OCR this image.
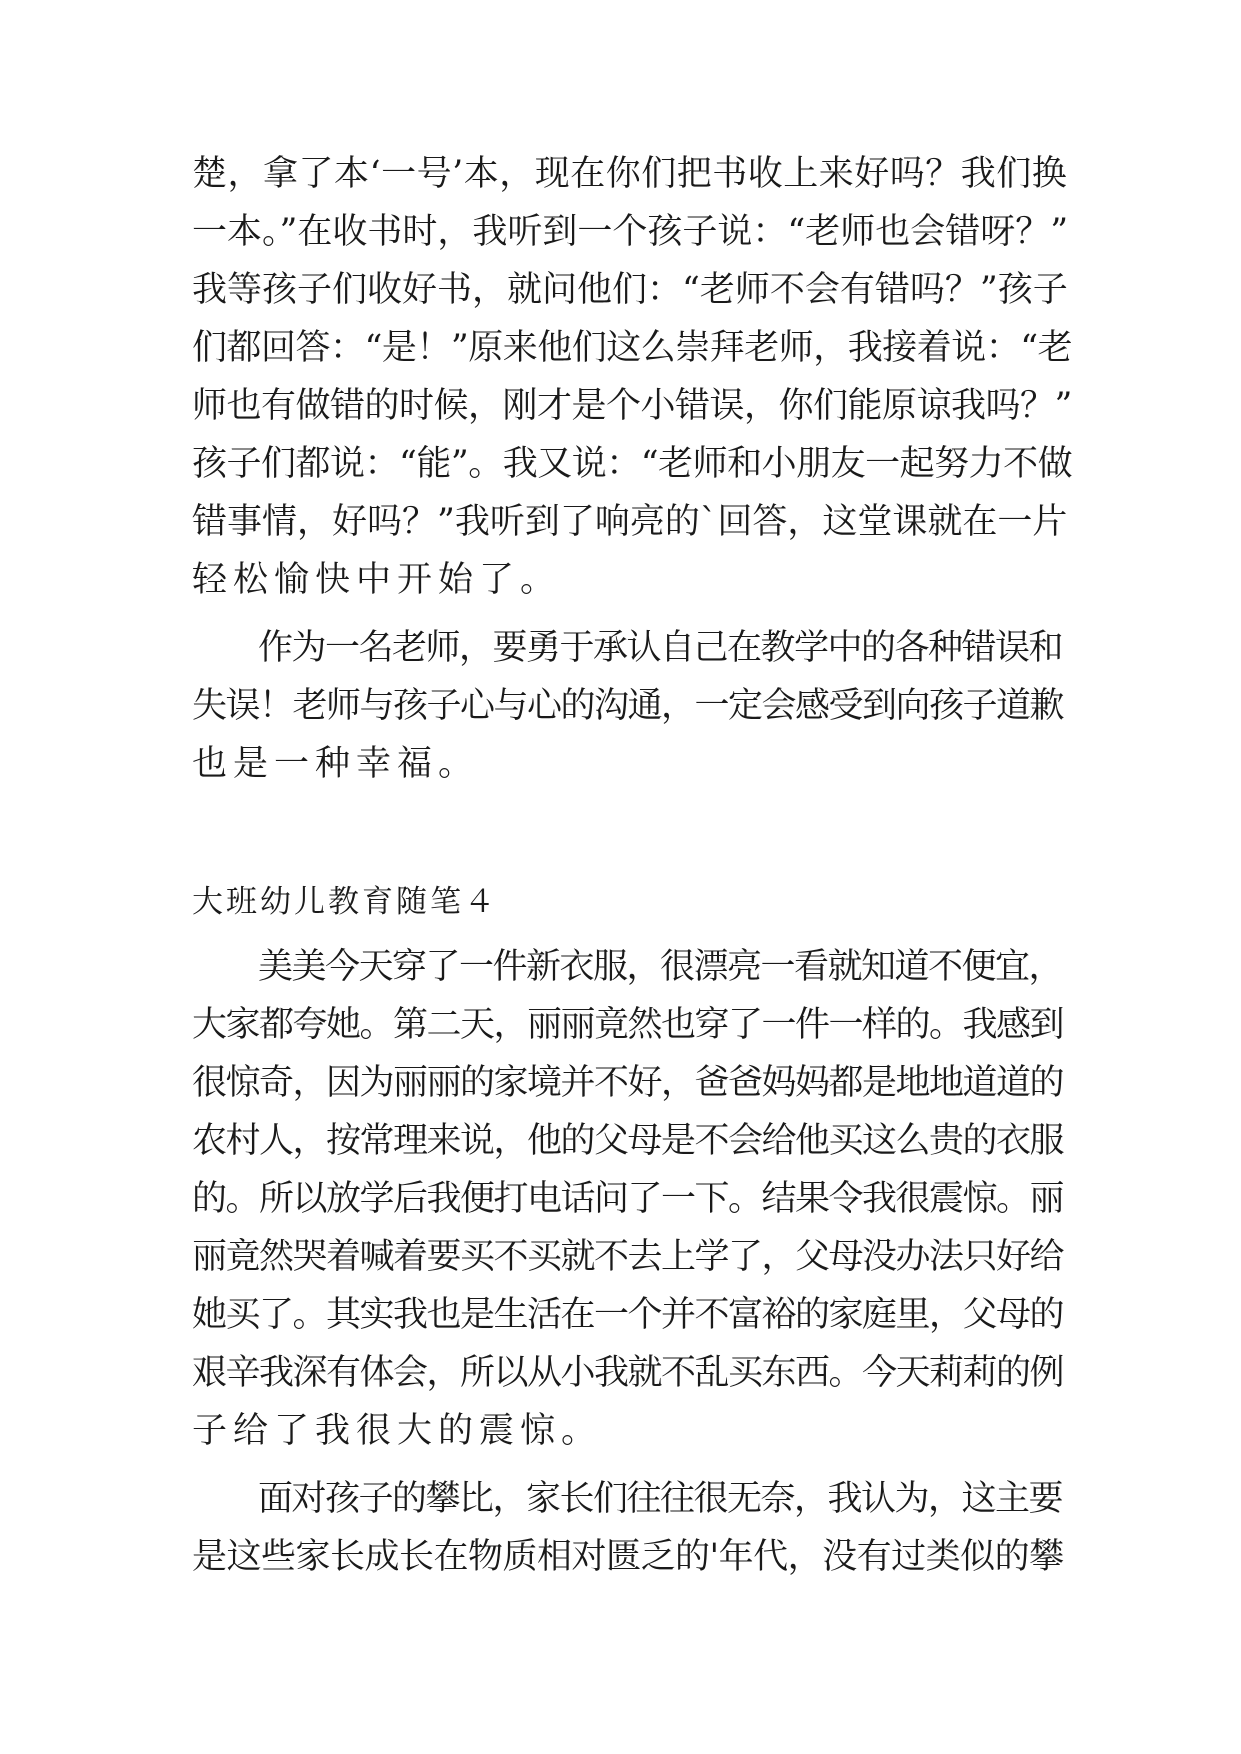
楚，拿了本‘一号’本，现在你们把书收上来好吗？我们换
一本。”在收书时，我听到一个孩子说：“老师也会错呀？”
我等孩子们收好书，就问他们：“老师不会有错吗？”孩子
们都回答：“是！”原来他们这么崇拜老师，我接着说：“老
师也有做错的时候，刚才是个小错误，你们能原谅我吗？”
孩子们都说：“能”。我又说：“老师和小朋友一起努力不做
错事情，好吗？”我听到了响亮的`回答，这堂课就在一片
轻松愉快中开始了。
作为一名老师，要勇于承认自己在教学中的各种错误和
失误！老师与孩子心与心的沟通，一定会感受到向孩子道歉
也是一种幸福。
大班幼儿教育随笔４
美美今天穿了一件新衣服，很漂亮一看就知道不便宜，
大家都夸她。第二天，丽丽竟然也穿了一件一样的。我感到
很惊奇，因为丽丽的家境并不好，爸爸妈妈都是地地道道的
农村人，按常理来说，他的父母是不会给他买这么贵的衣服
的。所以放学后我便打电话问了一下。结果令我很震惊。丽
丽竟然哭着喊着要买不买就不去上学了，父母没办法只好给
她买了。其实我也是生活在一个并不富裕的家庭里，父母的
艰辛我深有体会，所以从小我就不乱买东西。今天莉莉的例
子给了我很大的震惊。
面对孩子的攀比，家长们往往很无奈，我认为，这主要
是这些家长成长在物质相对匮乏的'年代，没有过类似的攀
